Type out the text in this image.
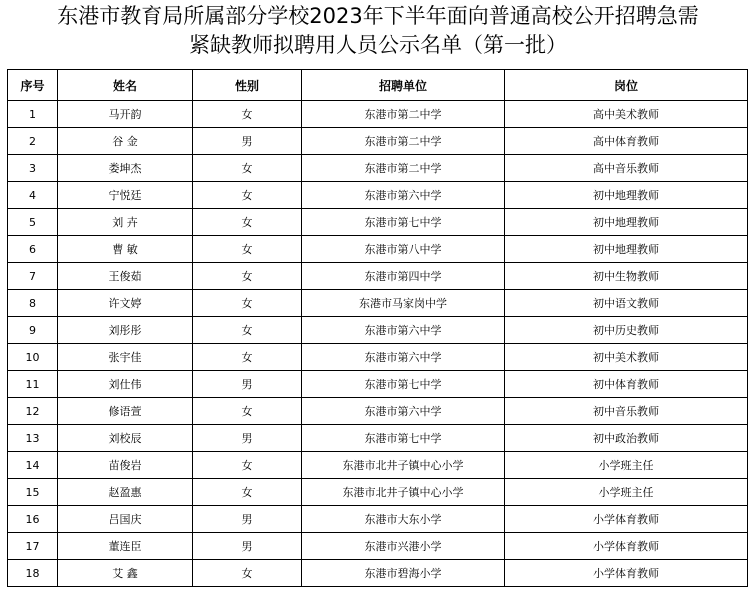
东港市教育局所属部分学校2023年下半年面向普通高校公开招聘急需
紧缺教师拟聘用人员公示名单（第一批）
序号	姓名	性别	招聘单位	岗位
1	马开韵	女	东港市第二中学	高中美术教师
2	谷 金	男	东港市第二中学	高中体育教师
3	娄坤杰	女	东港市第二中学	高中音乐教师
4	宁悦廷	女	东港市第六中学	初中地理教师
5	刘 卉	女	东港市第七中学	初中地理教师
6	曹 敏	女	东港市第八中学	初中地理教师
7	王俊茹	女	东港市第四中学	初中生物教师
8	许文婷	女	东港市马家岗中学	初中语文教师
9	刘彤彤	女	东港市第六中学	初中历史教师
10	张宇佳	女	东港市第六中学	初中美术教师
11	刘仕伟	男	东港市第七中学	初中体育教师
12	修语萱	女	东港市第六中学	初中音乐教师
13	刘校辰	男	东港市第七中学	初中政治教师
14	苗俊岩	女	东港市北井子镇中心小学	小学班主任
15	赵盈惠	女	东港市北井子镇中心小学	小学班主任
16	吕国庆	男	东港市大东小学	小学体育教师
17	董连臣	男	东港市兴港小学	小学体育教师
18	艾 鑫	女	东港市碧海小学	小学体育教师
